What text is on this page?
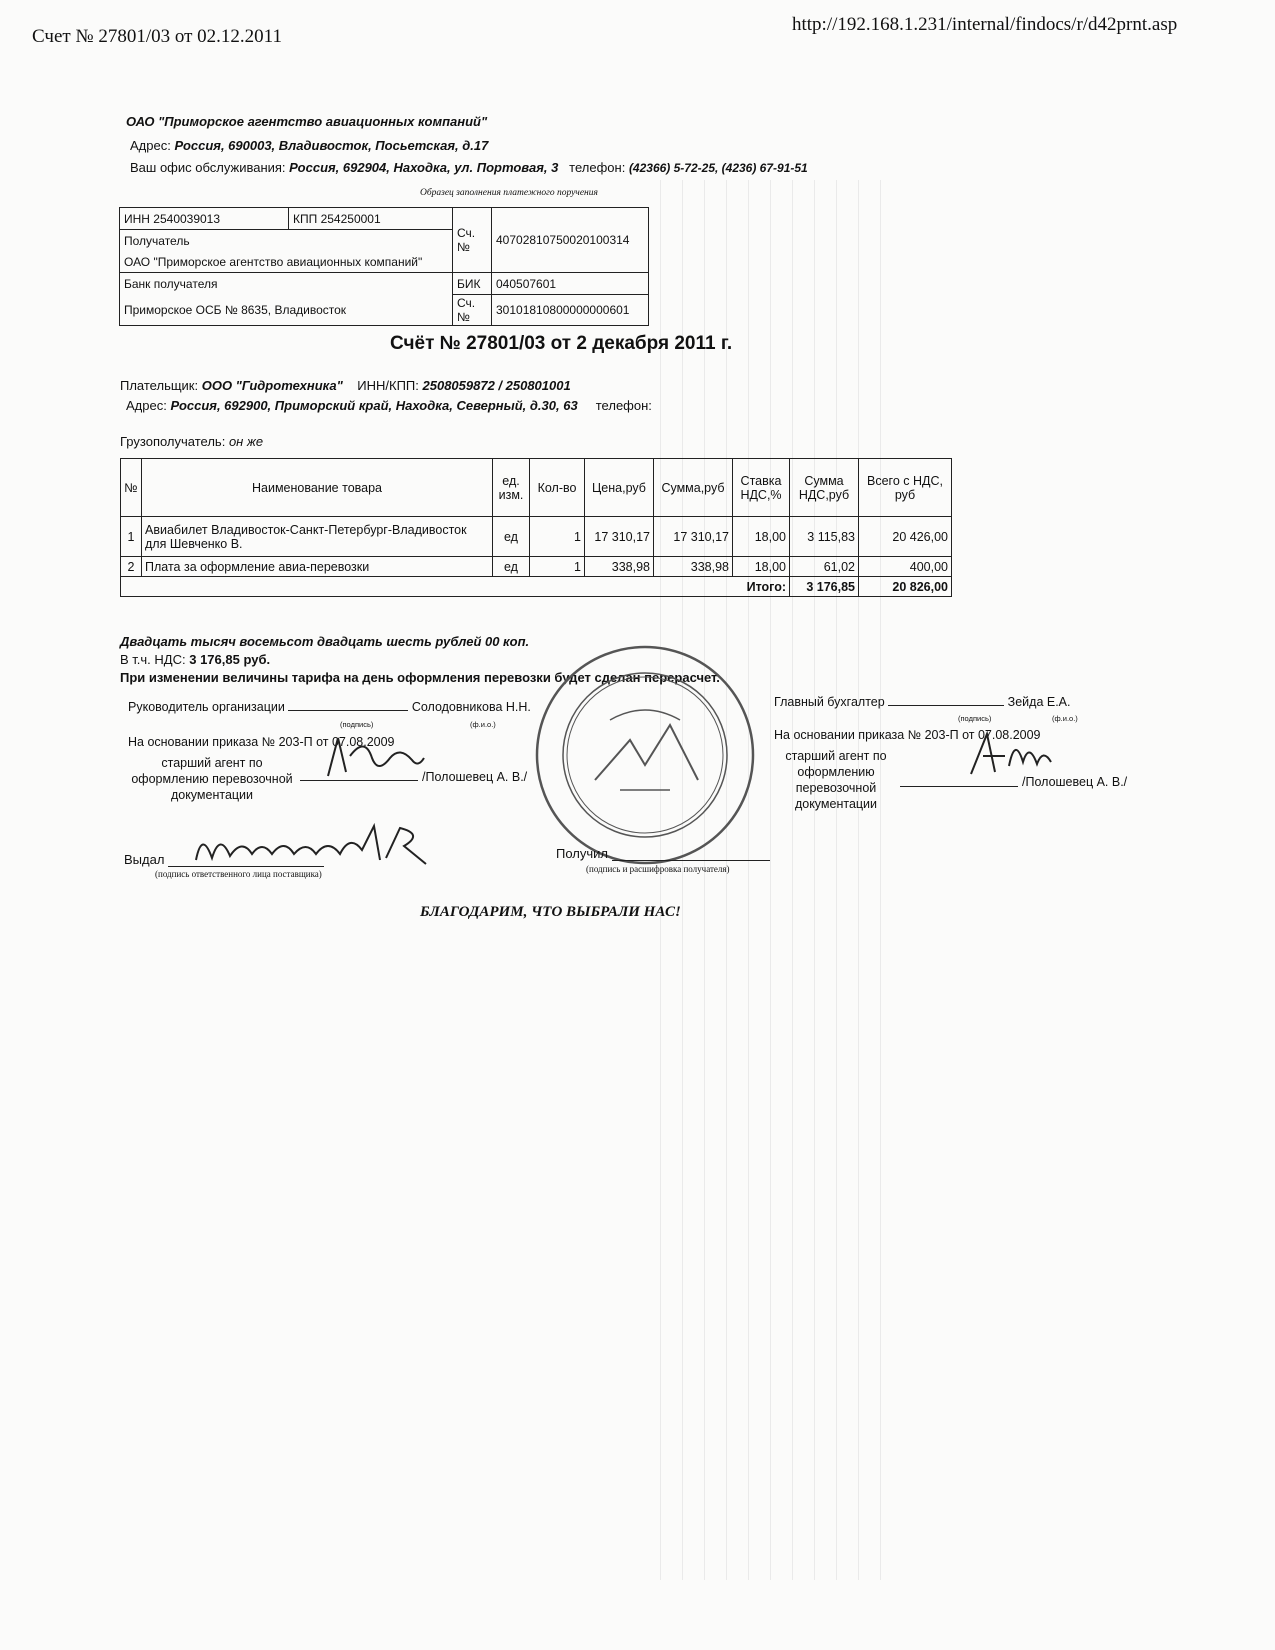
Счет № 27801/03 от 02.12.2011
http://192.168.1.231/internal/findocs/r/d42prnt.asp
ОАО "Приморское агентство авиационных компаний"
Адрес: Россия, 690003, Владивосток, Посьетская, д.17
Ваш офис обслуживания: Россия, 692904, Находка, ул. Портовая, 3 телефон: (42366) 5-72-25, (4236) 67-91-51
Образец заполнения платежного поручения
ИНН 2540039013	КПП 254250001	Сч.№	40702810750020100314
Получатель			
ОАО "Приморское агентство авиационных компаний"			
Банк получателя		БИК	040507601
Приморское ОСБ № 8635, Владивосток		Сч.№	30101810800000000601
Счёт № 27801/03 от 2 декабря 2011 г.
Плательщик: ООО "Гидротехника" ИНН/КПП: 2508059872 / 250801001
Адрес: Россия, 692900, Приморский край, Находка, Северный, д.30, 63 телефон:
Грузополучатель: он же
№	Наименование товара	ед. изм.	Кол-во	Цена,руб	Сумма,руб	Ставка НДС,%	Сумма НДС,руб	Всего с НДС, руб
1	Авиабилет Владивосток-Санкт-Петербург-Владивосток для Шевченко В.	ед	1	17 310,17	17 310,17	18,00	3 115,83	20 426,00
2	Плата за оформление авиа-перевозки	ед	1	338,98	338,98	18,00	61,02	400,00
Итого:							3 176,85	20 826,00
Двадцать тысяч восемьсот двадцать шесть рублей 00 коп.
В т.ч. НДС: 3 176,85 руб.
При изменении величины тарифа на день оформления перевозки будет сделан перерасчет.
Руководитель организации	Солодовникова Н.Н.
(подпись)	(ф.и.о.)
На основании приказа № 203-П от 07.08.2009
старший агент по оформлению перевозочной документации
/Полошевец А. В./
Главный бухгалтер	Зейда Е.А.
(подпись)	(ф.и.о.)
На основании приказа № 203-П от 07.08.2009
старший агент по оформлению перевозочной документации
/Полошевец А. В./
Выдал
(подпись ответственного лица поставщика)
Получил
(подпись и расшифровка получателя)
БЛАГОДАРИМ, ЧТО ВЫБРАЛИ НАС!
